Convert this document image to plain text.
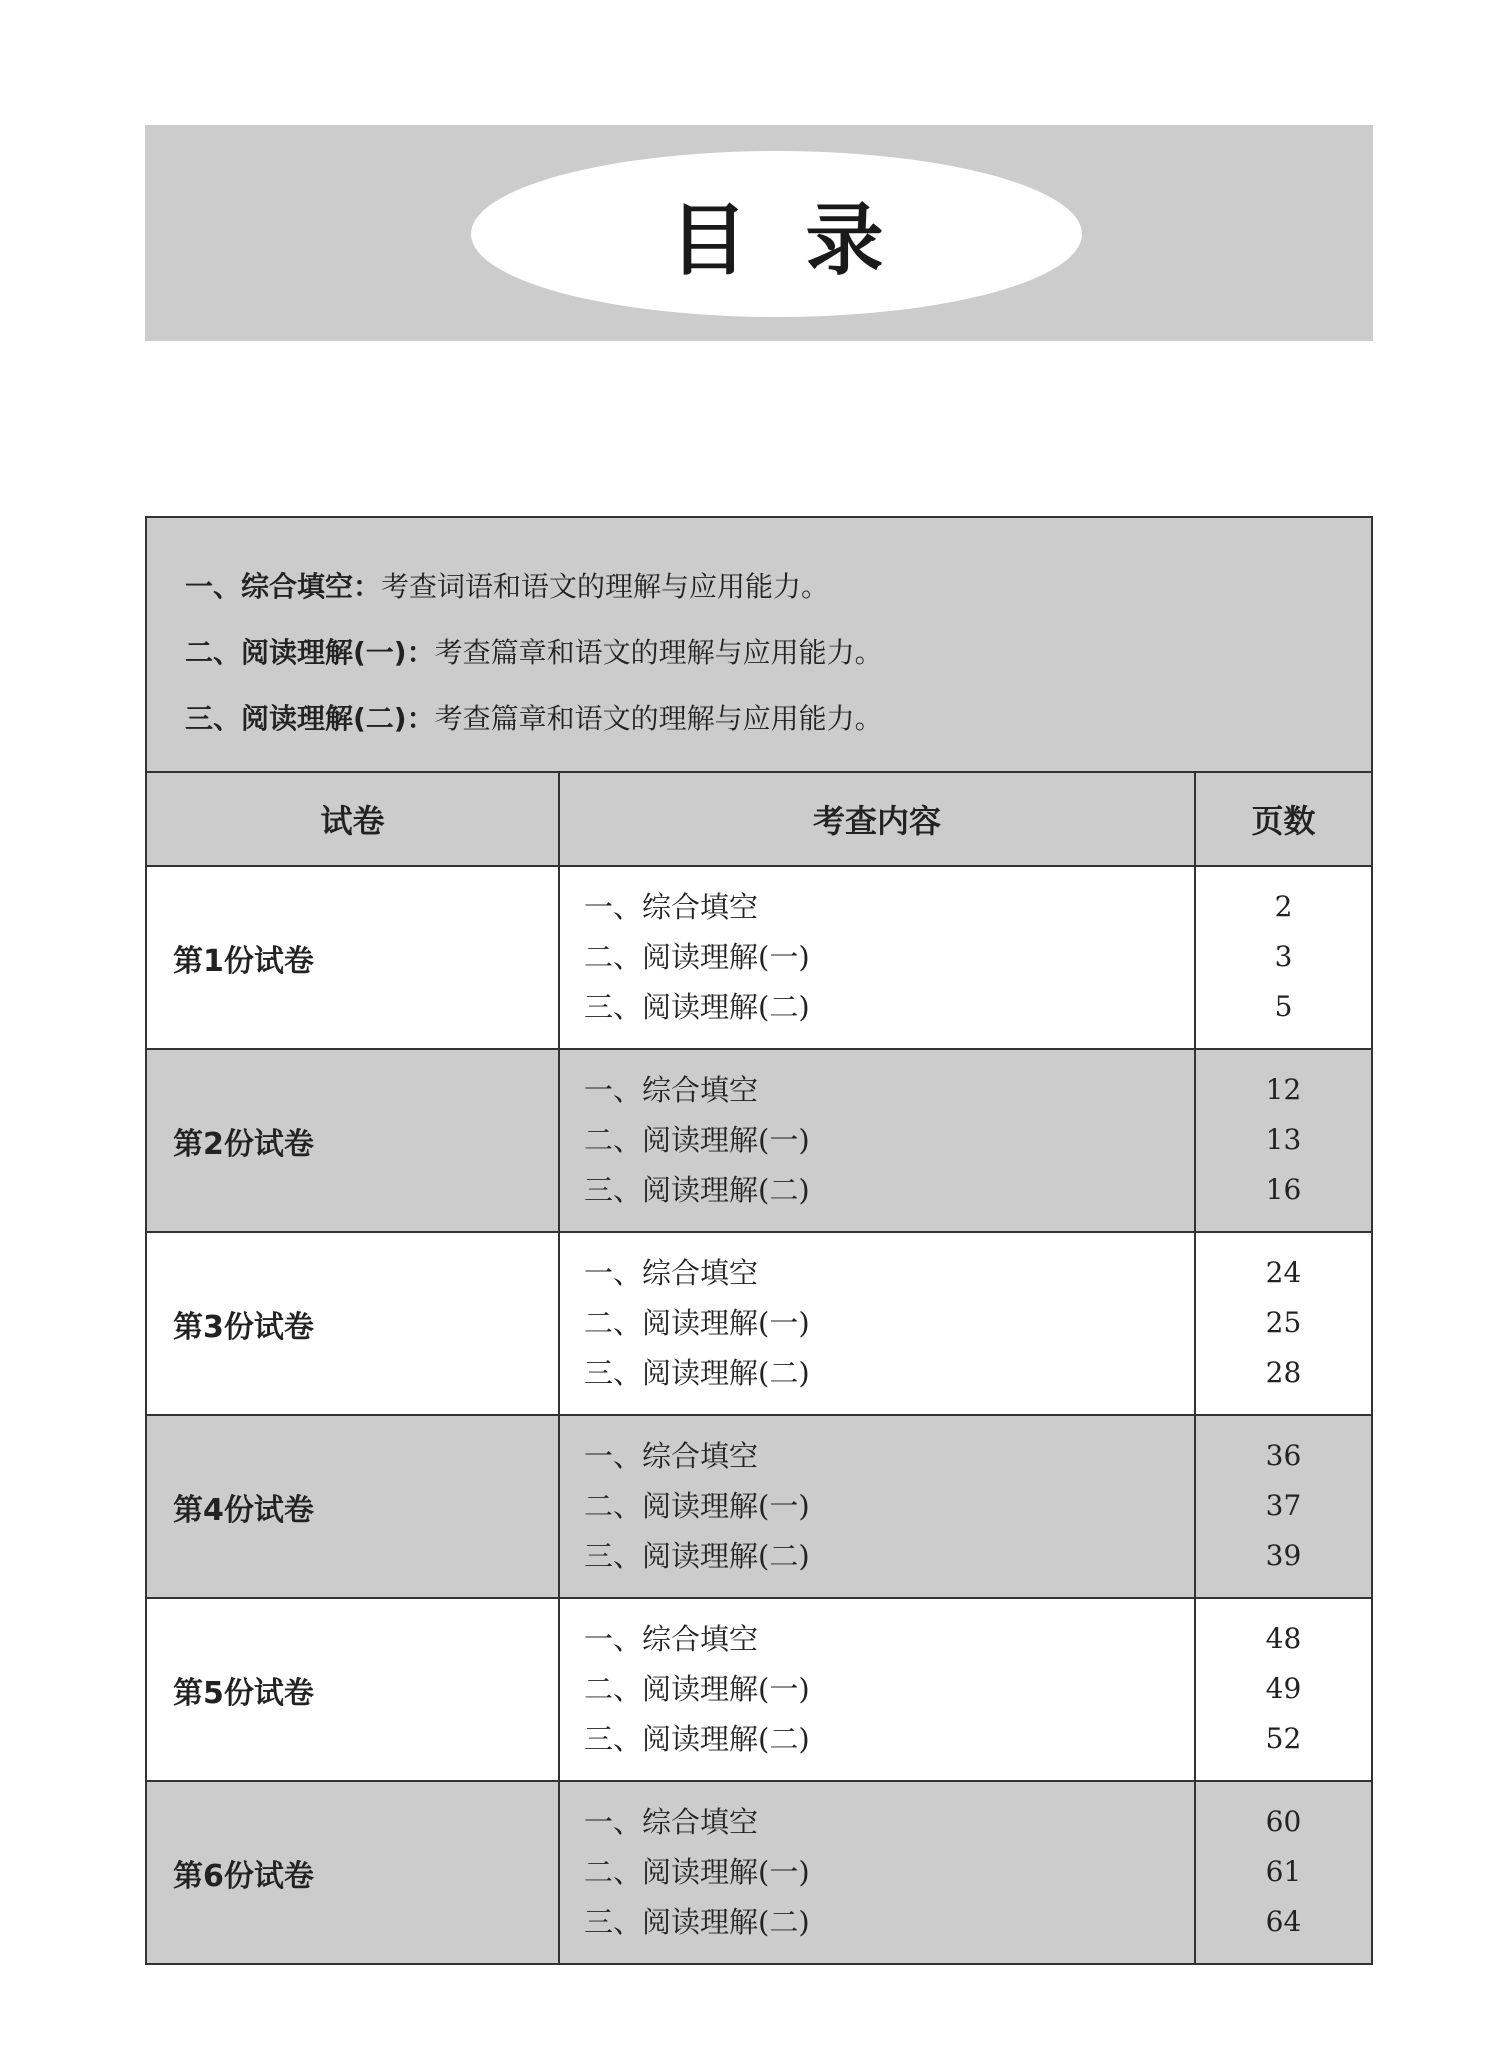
目录
一、综合填空：考查词语和语文的理解与应用能力。
二、阅读理解(一)：考查篇章和语文的理解与应用能力。
三、阅读理解(二)：考查篇章和语文的理解与应用能力。
试卷	考查内容	页数
第1份试卷
一、综合填空
二、阅读理解(一)
三、阅读理解(二)
2
3
5
第2份试卷
一、综合填空
二、阅读理解(一)
三、阅读理解(二)
12
13
16
第3份试卷
一、综合填空
二、阅读理解(一)
三、阅读理解(二)
24
25
28
第4份试卷
一、综合填空
二、阅读理解(一)
三、阅读理解(二)
36
37
39
第5份试卷
一、综合填空
二、阅读理解(一)
三、阅读理解(二)
48
49
52
第6份试卷
一、综合填空
二、阅读理解(一)
三、阅读理解(二)
60
61
64
